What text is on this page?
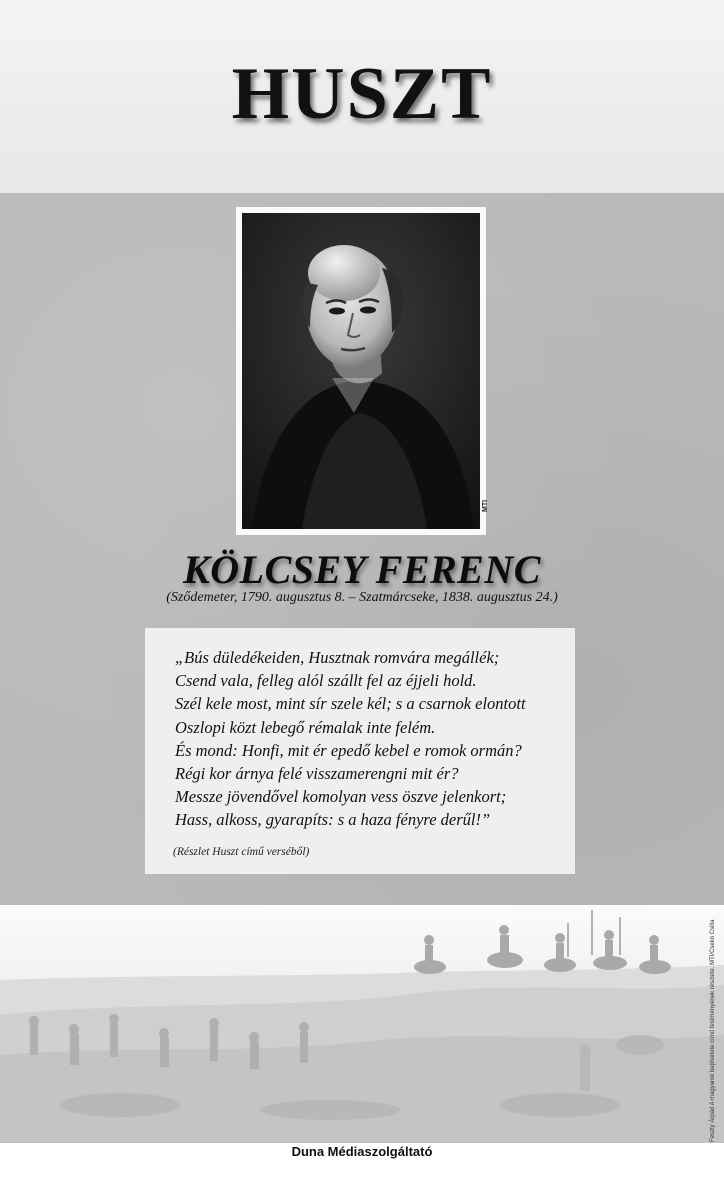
HUSZT
MTI
KÖLCSEY FERENC
(Sződemeter, 1790. augusztus 8. – Szatmárcseke, 1838. augusztus 24.)
„Bús düledékeiden, Husztnak romvára megállék;
Csend vala, felleg alól szállt fel az éjjeli hold.
Szél kele most, mint sír szele kél; s a csarnok elontott
Oszlopi közt lebegő rémalak inte felém.
És mond: Honfi, mit ér epedő kebel e romok ormán?
Régi kor árnya felé visszamerengni mit ér?
Messze jövendővel komolyan vess öszve jelenkort;
Hass, alkoss, gyarapíts: s a haza fényre derűl!”
(Részlet Huszt című verséből)
Feszty Árpád A magyarok bejövetele című festményének részlete. MTI/Csekó Csilla
Duna Médiaszolgáltató
